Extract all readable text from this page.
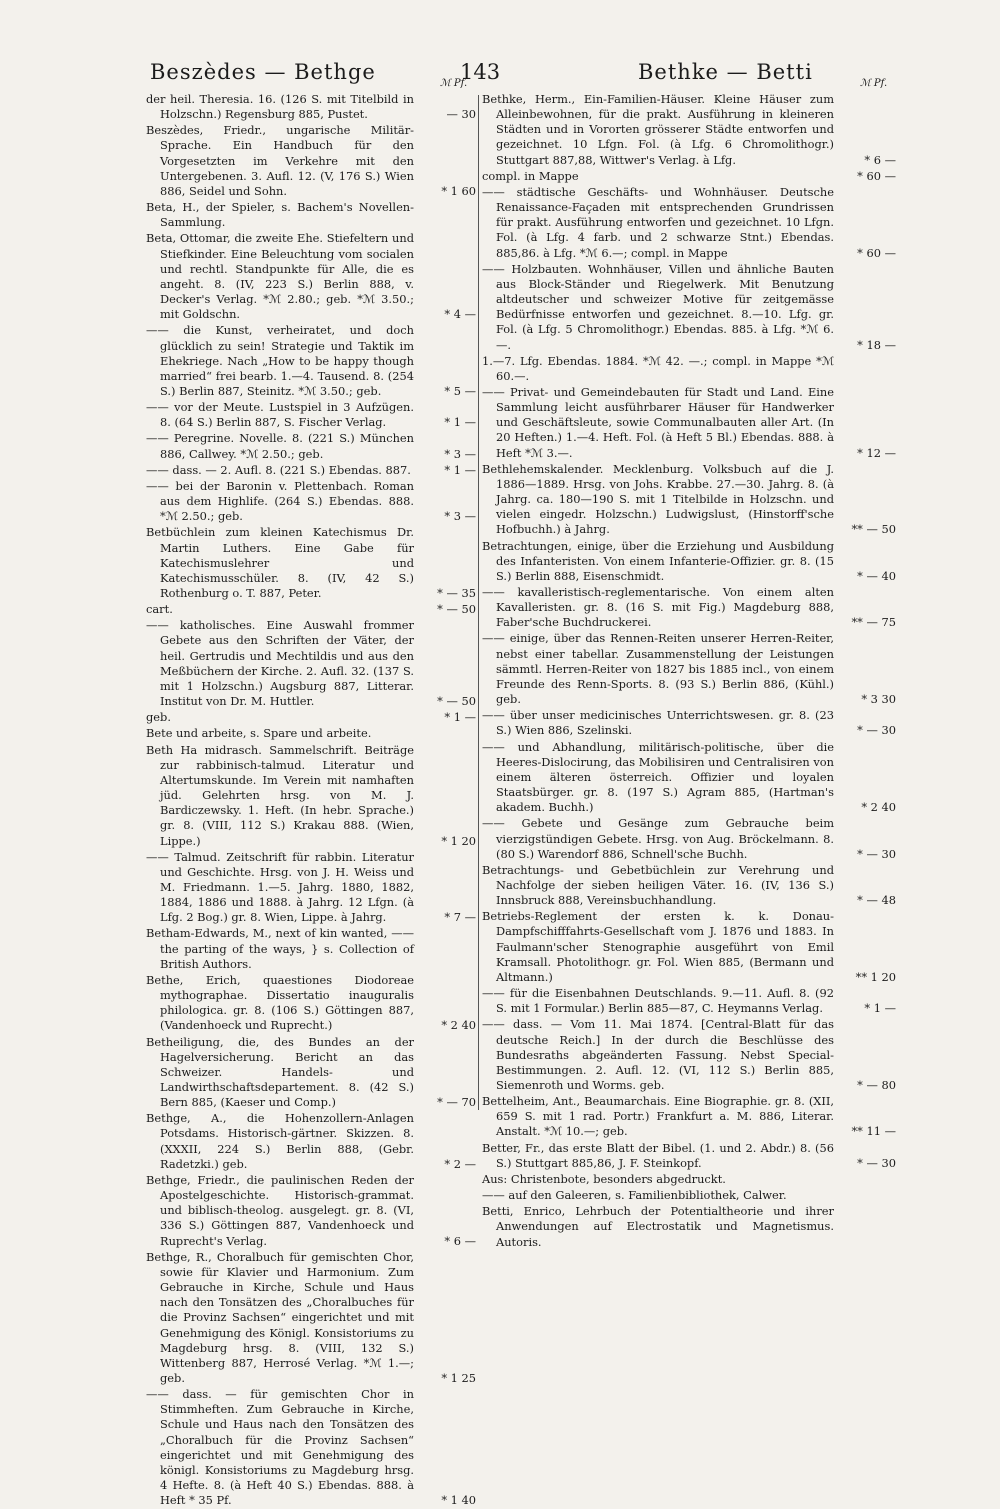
Beszèdes — Bethge	143	Bethke — Betti
ℳ Pf.	ℳ Pf.
der heil. Theresia. 16. (126 S. mit Titelbild in Holzschn.) Regensburg 885, Pustet.	— 30
Beszèdes, Friedr., ungarische Militär-Sprache. Ein Handbuch für den Vorgesetzten im Verkehre mit den Untergebenen. 3. Aufl. 12. (V, 176 S.) Wien 886, Seidel und Sohn.	* 1 60
Beta, H., der Spieler, s. Bachem's Novellen-Sammlung.
Beta, Ottomar, die zweite Ehe. Stiefeltern und Stiefkinder. Eine Beleuchtung vom socialen und rechtl. Standpunkte für Alle, die es angeht. 8. (IV, 223 S.) Berlin 888, v. Decker's Verlag. *ℳ 2.80.; geb. *ℳ 3.50.; mit Goldschn.	* 4 —
—— die Kunst, verheiratet, und doch glücklich zu sein! Strategie und Taktik im Ehekriege. Nach „How to be happy though married“ frei bearb. 1.—4. Tausend. 8. (254 S.) Berlin 887, Steinitz. *ℳ 3.50.; geb.	* 5 —
—— vor der Meute. Lustspiel in 3 Aufzügen. 8. (64 S.) Berlin 887, S. Fischer Verlag.	* 1 —
—— Peregrine. Novelle. 8. (221 S.) München 886, Callwey. *ℳ 2.50.; geb.	* 3 —
—— dass. — 2. Aufl. 8. (221 S.) Ebendas. 887.	* 1 —
—— bei der Baronin v. Plettenbach. Roman aus dem Highlife. (264 S.) Ebendas. 888. *ℳ 2.50.; geb.	* 3 —
Betbüchlein zum kleinen Katechismus Dr. Martin Luthers. Eine Gabe für Katechismuslehrer und Katechismusschüler. 8. (IV, 42 S.) Rothenburg o. T. 887, Peter.	* — 35
cart.	* — 50
—— katholisches. Eine Auswahl frommer Gebete aus den Schriften der Väter, der heil. Gertrudis und Mechtildis und aus den Meßbüchern der Kirche. 2. Aufl. 32. (137 S. mit 1 Holzschn.) Augsburg 887, Litterar. Institut von Dr. M. Huttler.	* — 50
geb.	* 1 —
Bete und arbeite, s. Spare und arbeite.
Beth Ha midrasch. Sammelschrift. Beiträge zur rabbinisch-talmud. Literatur und Altertumskunde. Im Verein mit namhaften jüd. Gelehrten hrsg. von M. J. Bardiczewsky. 1. Heft. (In hebr. Sprache.) gr. 8. (VIII, 112 S.) Krakau 888. (Wien, Lippe.)	* 1 20
—— Talmud. Zeitschrift für rabbin. Literatur und Geschichte. Hrsg. von J. H. Weiss und M. Friedmann. 1.—5. Jahrg. 1880, 1882, 1884, 1886 und 1888. à Jahrg. 12 Lfgn. (à Lfg. 2 Bog.) gr. 8. Wien, Lippe. à Jahrg.	* 7 —
Betham-Edwards, M., next of kin wanted, —— the parting of the ways, } s. Collection of British Authors.
Bethe, Erich, quaestiones Diodoreae mythographae. Dissertatio inauguralis philologica. gr. 8. (106 S.) Göttingen 887, (Vandenhoeck und Ruprecht.)	* 2 40
Betheiligung, die, des Bundes an der Hagelversicherung. Bericht an das Schweizer. Handels- und Landwirthschaftsdepartement. 8. (42 S.) Bern 885, (Kaeser und Comp.)	* — 70
Bethge, A., die Hohenzollern-Anlagen Potsdams. Historisch-gärtner. Skizzen. 8. (XXXII, 224 S.) Berlin 888, (Gebr. Radetzki.) geb.	* 2 —
Bethge, Friedr., die paulinischen Reden der Apostelgeschichte. Historisch-grammat. und biblisch-theolog. ausgelegt. gr. 8. (VI, 336 S.) Göttingen 887, Vandenhoeck und Ruprecht's Verlag.	* 6 —
Bethge, R., Choralbuch für gemischten Chor, sowie für Klavier und Harmonium. Zum Gebrauche in Kirche, Schule und Haus nach den Tonsätzen des „Choralbuches für die Provinz Sachsen“ eingerichtet und mit Genehmigung des Königl. Konsistoriums zu Magdeburg hrsg. 8. (VIII, 132 S.) Wittenberg 887, Herrosé Verlag. *ℳ 1.—; geb.	* 1 25
—— dass. — für gemischten Chor in Stimmheften. Zum Gebrauche in Kirche, Schule und Haus nach den Tonsätzen des „Choralbuch für die Provinz Sachsen“ eingerichtet und mit Genehmigung des königl. Konsistoriums zu Magdeburg hrsg. 4 Hefte. 8. (à Heft 40 S.) Ebendas. 888. à Heft * 35 Pf.	* 1 40
Bethke, Herm., Ein-Familien-Häuser. Kleine Häuser zum Alleinbewohnen, für die prakt. Ausführung in kleineren Städten und in Vororten grösserer Städte entworfen und gezeichnet. 10 Lfgn. Fol. (à Lfg. 6 Chromolithogr.) Stuttgart 887,88, Wittwer's Verlag. à Lfg.	* 6 —
compl. in Mappe	* 60 —
—— städtische Geschäfts- und Wohnhäuser. Deutsche Renaissance-Façaden mit entsprechenden Grundrissen für prakt. Ausführung entworfen und gezeichnet. 10 Lfgn. Fol. (à Lfg. 4 farb. und 2 schwarze Stnt.) Ebendas. 885,86. à Lfg. *ℳ 6.—; compl. in Mappe	* 60 —
—— Holzbauten. Wohnhäuser, Villen und ähnliche Bauten aus Block-Ständer und Riegelwerk. Mit Benutzung altdeutscher und schweizer Motive für zeitgemässe Bedürfnisse entworfen und gezeichnet. 8.—10. Lfg. gr. Fol. (à Lfg. 5 Chromolithogr.) Ebendas. 885. à Lfg. *ℳ 6.—.	* 18 —
1.—7. Lfg. Ebendas. 1884. *ℳ 42. —.; compl. in Mappe *ℳ 60.—.
—— Privat- und Gemeindebauten für Stadt und Land. Eine Sammlung leicht ausführbarer Häuser für Handwerker und Geschäftsleute, sowie Communalbauten aller Art. (In 20 Heften.) 1.—4. Heft. Fol. (à Heft 5 Bl.) Ebendas. 888. à Heft *ℳ 3.—.	* 12 —
Bethlehemskalender. Mecklenburg. Volksbuch auf die J. 1886—1889. Hrsg. von Johs. Krabbe. 27.—30. Jahrg. 8. (à Jahrg. ca. 180—190 S. mit 1 Titelbilde in Holzschn. und vielen eingedr. Holzschn.) Ludwigslust, (Hinstorff'sche Hofbuchh.) à Jahrg.	** — 50
Betrachtungen, einige, über die Erziehung und Ausbildung des Infanteristen. Von einem Infanterie-Offizier. gr. 8. (15 S.) Berlin 888, Eisenschmidt.	* — 40
—— kavalleristisch-reglementarische. Von einem alten Kavalleristen. gr. 8. (16 S. mit Fig.) Magdeburg 888, Faber'sche Buchdruckerei.	** — 75
—— einige, über das Rennen-Reiten unserer Herren-Reiter, nebst einer tabellar. Zusammenstellung der Leistungen sämmtl. Herren-Reiter von 1827 bis 1885 incl., von einem Freunde des Renn-Sports. 8. (93 S.) Berlin 886, (Kühl.) geb.	* 3 30
—— über unser medicinisches Unterrichtswesen. gr. 8. (23 S.) Wien 886, Szelinski.	* — 30
—— und Abhandlung, militärisch-politische, über die Heeres-Dislocirung, das Mobilisiren und Centralisiren von einem älteren österreich. Offizier und loyalen Staatsbürger. gr. 8. (197 S.) Agram 885, (Hartman's akadem. Buchh.)	* 2 40
—— Gebete und Gesänge zum Gebrauche beim vierzigstündigen Gebete. Hrsg. von Aug. Bröckelmann. 8. (80 S.) Warendorf 886, Schnell'sche Buchh.	* — 30
Betrachtungs- und Gebetbüchlein zur Verehrung und Nachfolge der sieben heiligen Väter. 16. (IV, 136 S.) Innsbruck 888, Vereinsbuchhandlung.	* — 48
Betriebs-Reglement der ersten k. k. Donau-Dampfschifffahrts-Gesellschaft vom J. 1876 und 1883. In Faulmann'scher Stenographie ausgeführt von Emil Kramsall. Photolithogr. gr. Fol. Wien 885, (Bermann und Altmann.)	** 1 20
—— für die Eisenbahnen Deutschlands. 9.—11. Aufl. 8. (92 S. mit 1 Formular.) Berlin 885—87, C. Heymanns Verlag.	* 1 —
—— dass. — Vom 11. Mai 1874. [Central-Blatt für das deutsche Reich.] In der durch die Beschlüsse des Bundesraths abgeänderten Fassung. Nebst Special-Bestimmungen. 2. Aufl. 12. (VI, 112 S.) Berlin 885, Siemenroth und Worms. geb.	* — 80
Bettelheim, Ant., Beaumarchais. Eine Biographie. gr. 8. (XII, 659 S. mit 1 rad. Portr.) Frankfurt a. M. 886, Literar. Anstalt. *ℳ 10.—; geb.	** 11 —
Better, Fr., das erste Blatt der Bibel. (1. und 2. Abdr.) 8. (56 S.) Stuttgart 885,86, J. F. Steinkopf.	* — 30
Aus: Christenbote, besonders abgedruckt.
—— auf den Galeeren, s. Familienbibliothek, Calwer.
Betti, Enrico, Lehrbuch der Potentialtheorie und ihrer Anwendungen auf Electrostatik und Magnetismus. Autoris.
